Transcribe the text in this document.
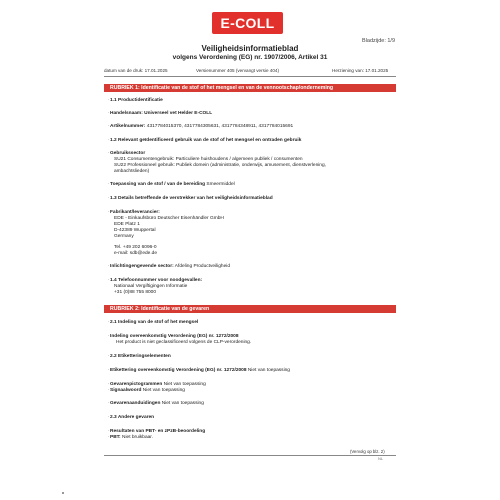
E-COLL
Bladzijde: 1/9
Veiligheidsinformatieblad
volgens Verordening (EG) nr. 1907/2006, Artikel 31
datum van de druk: 17.01.2025	Versienummer 405 (vervangt versie 404)	Herziening van: 17.01.2025
RUBRIEK 1: Identificatie van de stof of het mengsel en van de vennootschap/onderneming
· 1.1 Productidentificatie
· Handelsnaam: Universeel vet Helder E-COLL
· Artikelnummer: 4317784015370, 4317784305631, 4317784348911, 4317784015691
· 1.2 Relevant geïdentificeerd gebruik van de stof of het mengsel en ontraden gebruik
· Gebruikssector
SU21 Consumentengebruik: Particuliere huishoudens / algemeen publiek / consumenten
SU22 Professioneel gebruik: Publiek domein (administratie, onderwijs, amusement, dienstverlening,
ambachtslieden)
· Toepassing van de stof / van de bereiding Smeermiddel
· 1.3 Details betreffende de verstrekker van het veiligheidsinformatieblad
· Fabrikant/leverancier:
EDE - Einkaufsbüro Deutscher Eisenhändler GmbH
EDE Platz 1
D-42389 Wuppertal
Germany
Tel. +49 202 6096-0
e-mail: sdb@ede.de
· Inlichtingengevende sector: Afdeling Productveiligheid
· 1.4 Telefoonnummer voor noodgevallen:
Nationaal Vergiftigingen Informatie
+31 (0)88 755 8000
RUBRIEK 2: Identificatie van de gevaren
· 2.1 Indeling van de stof of het mengsel
· Indeling overeenkomstig Verordening (EG) nr. 1272/2008
Het product is niet geclassificeerd volgens de CLP-verordening.
· 2.2 Etiketteringselementen
· Etikettering overeenkomstig Verordening (EG) nr. 1272/2008 Niet van toepassing
· Gevarenpictogrammen Niet van toepassing
· Signaalwoord Niet van toepassing
· Gevarenaanduidingen Niet van toepassing
· 2.3 Andere gevaren
· Resultaten van PBT- en zPzB-beoordeling
· PBT: Niet bruikbaar.
(Vervolg op blz. 2)
NL
